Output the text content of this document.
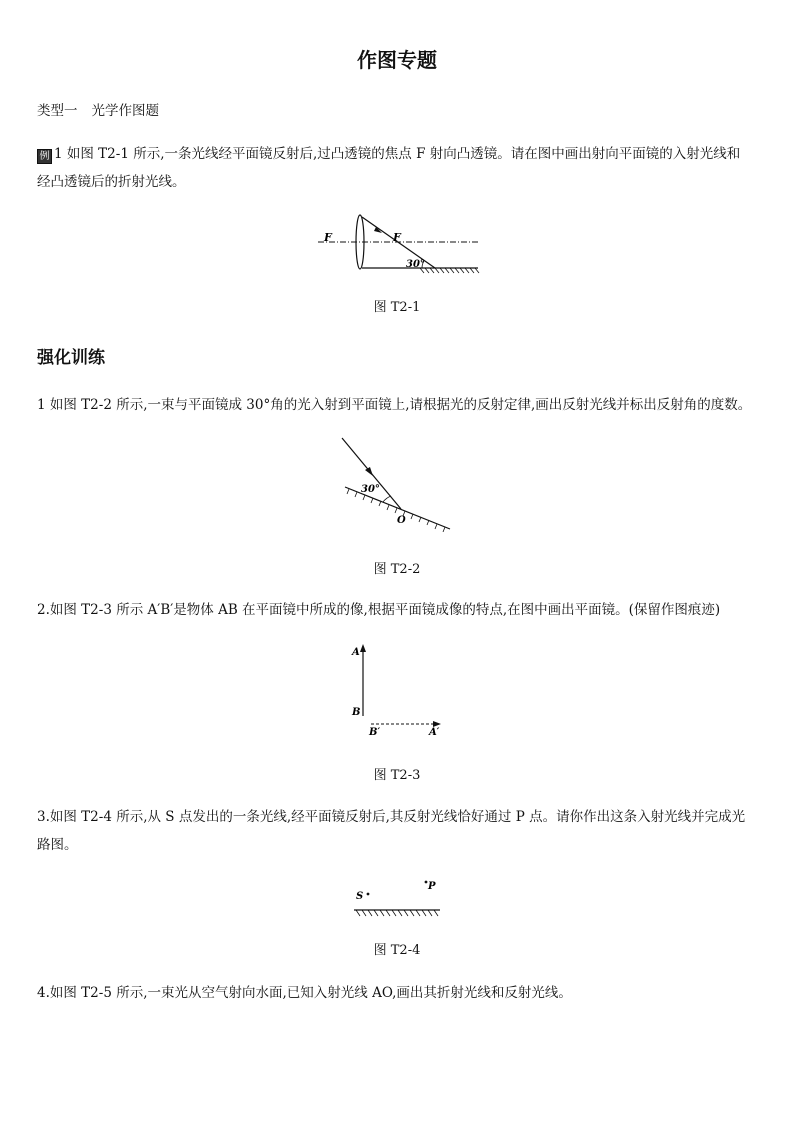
作图专题
类型一 光学作图题
例 1 如图 T2-1 所示,一条光线经平面镜反射后,过凸透镜的焦点 F 射向凸透镜。请在图中画出射向平面镜的入射光线和
经凸透镜后的折射光线。
F	F
30°
图 T2-1
强化训练
1 如图 T2-2 所示,一束与平面镜成 30°角的光入射到平面镜上,请根据光的反射定律,画出反射光线并标出反射角的度数。
30°
O
图 T2-2
2.如图 T2-3 所示 A′B′是物体 AB 在平面镜中所成的像,根据平面镜成像的特点,在图中画出平面镜。(保留作图痕迹)
A
B
B′	A′
图 T2-3
3.如图 T2-4 所示,从 S 点发出的一条光线,经平面镜反射后,其反射光线恰好通过 P 点。请你作出这条入射光线并完成光
路图。
S
P
图 T2-4
4.如图 T2-5 所示,一束光从空气射向水面,已知入射光线 AO,画出其折射光线和反射光线。
